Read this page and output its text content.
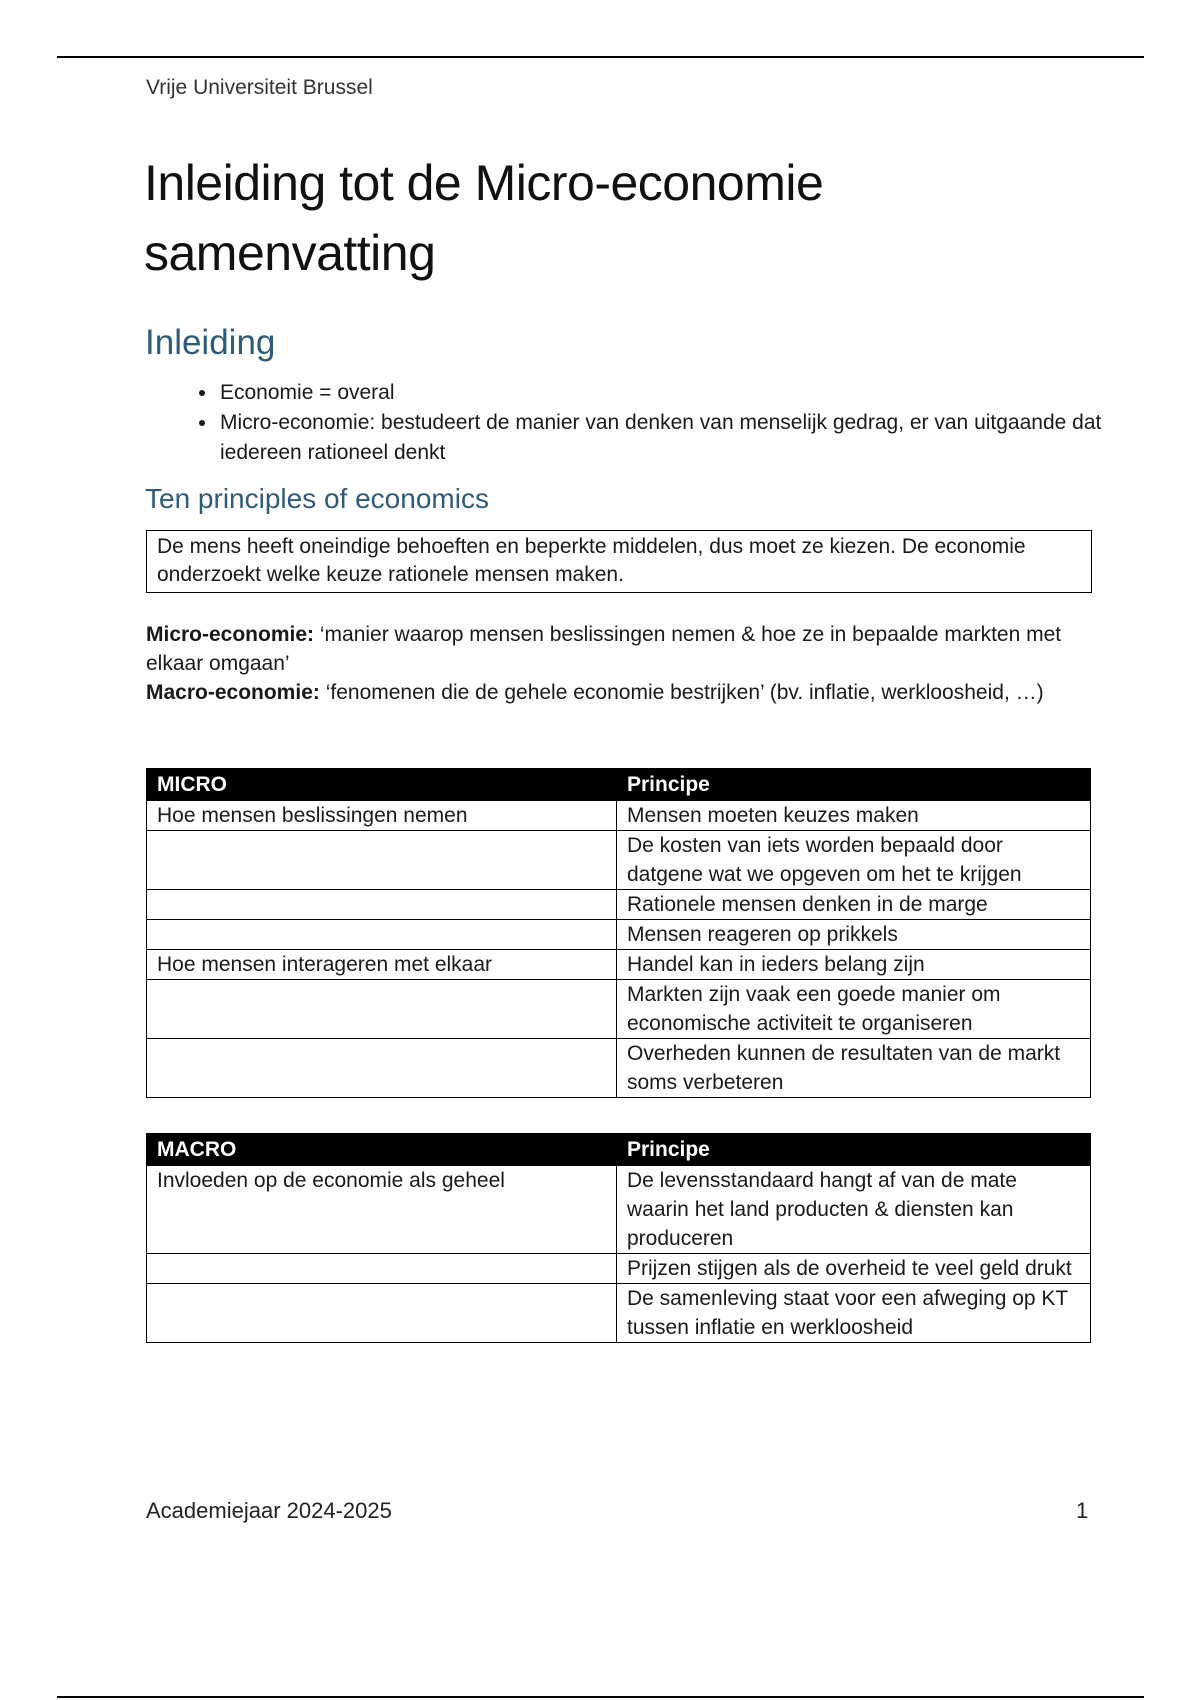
Vrije Universiteit Brussel
Inleiding tot de Micro-economie samenvatting
Inleiding
• Economie = overal
• Micro-economie: bestudeert de manier van denken van menselijk gedrag, er van uitgaande dat iedereen rationeel denkt
Ten principles of economics
De mens heeft oneindige behoeften en beperkte middelen, dus moet ze kiezen. De economie onderzoekt welke keuze rationele mensen maken.

Micro-economie: ‘manier waarop mensen beslissingen nemen & hoe ze in bepaalde markten met elkaar omgaan’

Macro-economie: ‘fenomenen die de gehele economie bestrijken’ (bv. inflatie, werkloosheid, …)

MICRO	Principe
Hoe mensen beslissingen nemen	Mensen moeten keuzes maken
	De kosten van iets worden bepaald door datgene wat we opgeven om het te krijgen
	Rationele mensen denken in de marge
	Mensen reageren op prikkels
Hoe mensen interageren met elkaar	Handel kan in ieders belang zijn
	Markten zijn vaak een goede manier om economische activiteit te organiseren
	Overheden kunnen de resultaten van de markt soms verbeteren
MACRO	Principe
Invloeden op de economie als geheel	De levensstandaard hangt af van de mate waarin het land producten & diensten kan produceren
	Prijzen stijgen als de overheid te veel geld drukt
	De samenleving staat voor een afweging op KT tussen inflatie en werkloosheid
Academiejaar 2024-2025	1
